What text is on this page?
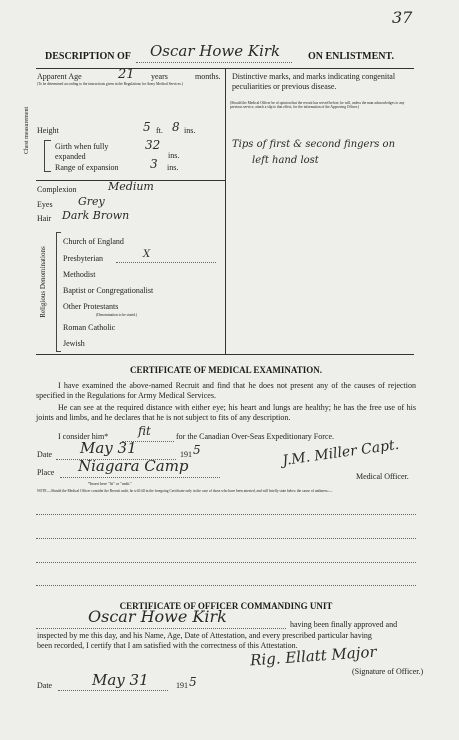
37
DESCRIPTION OF Oscar Howe Kirk	ON ENLISTMENT.
Apparent Age	21 years	months.
(To be determined according to the instructions given in the Regulations for Army Medical Services.)
Distinctive marks, and marks indicating congenital peculiarities or previous disease.
(Should the Medical Officer be of opinion that the recruit has served before, he will, unless the man acknowledges to any previous service, attach a slip to that effect, for the information of the Approving Officer.)
Tips of first & second fingers on
left hand lost
Height	5 ft. 8 ins.
Chest measurement	Girth when fully expanded
32
ins.
Range of expansion	3 ins.
Complexion	Medium
Eyes Grey
Hair Dark Brown
Religious Denominations
Church of England
Presbyterian	X
Methodist
Baptist or Congregationalist
Other Protestants
(Denomination to be stated.)
Roman Catholic
Jewish
CERTIFICATE OF MEDICAL EXAMINATION.
I have examined the above-named Recruit and find that he does not present any of the causes of rejection specified in the Regulations for Army Medical Services.
He can see at the required distance with either eye; his heart and lungs are healthy; he has the free use of his joints and limbs, and he declares that he is not subject to fits of any description.
I consider him* fit	for the Canadian Over-Seas Expeditionary Force.
Date May 31	191 5
Place Niagara Camp	J.M. Miller Capt.
Medical Officer.
*Insert here "fit" or "unfit."
NOTE.—Should the Medical Officer consider the Recruit unfit, he will fill in the foregoing Certificate only in the case of those who have been attested, and will briefly state below the cause of unfitness:—
CERTIFICATE OF OFFICER COMMANDING UNIT
Oscar Howe Kirk	having been finally approved and
inspected by me this day, and his Name, Age, Date of Attestation, and every prescribed particular having
been recorded, I certify that I am satisfied with the correctness of this Attestation.
Rig. Ellatt Major
(Signature of Officer.)
Date	May 31	191 5
